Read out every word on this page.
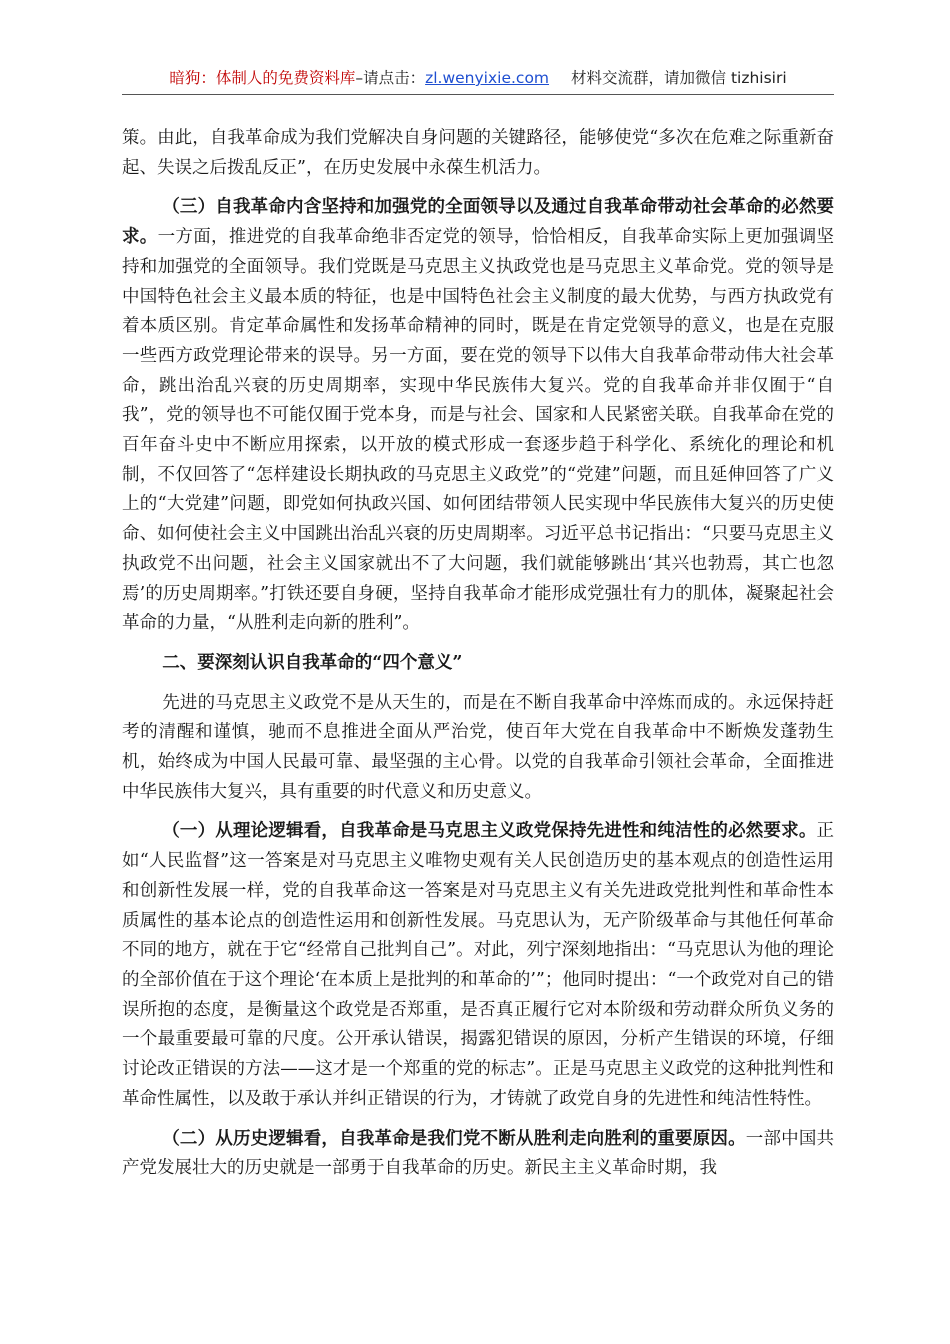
暗狗：体制人的免费资料库–请点击：zl.wenyixie.com 材料交流群，请加微信 tizhisiri

策。由此，自我革命成为我们党解决自身问题的关键路径，能够使党“多次在危难之际重新奋起、失误之后拨乱反正”，在历史发展中永葆生机活力。

（三）自我革命内含坚持和加强党的全面领导以及通过自我革命带动社会革命的必然要求。一方面，推进党的自我革命绝非否定党的领导，恰恰相反，自我革命实际上更加强调坚持和加强党的全面领导。我们党既是马克思主义执政党也是马克思主义革命党。党的领导是中国特色社会主义最本质的特征，也是中国特色社会主义制度的最大优势，与西方执政党有着本质区别。肯定革命属性和发扬革命精神的同时，既是在肯定党领导的意义，也是在克服一些西方政党理论带来的误导。另一方面，要在党的领导下以伟大自我革命带动伟大社会革命，跳出治乱兴衰的历史周期率，实现中华民族伟大复兴。党的自我革命并非仅囿于“自我”，党的领导也不可能仅囿于党本身，而是与社会、国家和人民紧密关联。自我革命在党的百年奋斗史中不断应用探索，以开放的模式形成一套逐步趋于科学化、系统化的理论和机制，不仅回答了“怎样建设长期执政的马克思主义政党”的“党建”问题，而且延伸回答了广义上的“大党建”问题，即党如何执政兴国、如何团结带领人民实现中华民族伟大复兴的历史使命、如何使社会主义中国跳出治乱兴衰的历史周期率。习近平总书记指出：“只要马克思主义执政党不出问题，社会主义国家就出不了大问题，我们就能够跳出‘其兴也勃焉，其亡也忽焉’的历史周期率。”打铁还要自身硬，坚持自我革命才能形成党强壮有力的肌体，凝聚起社会革命的力量，“从胜利走向新的胜利”。

二、要深刻认识自我革命的“四个意义”

先进的马克思主义政党不是从天生的，而是在不断自我革命中淬炼而成的。永远保持赶考的清醒和谨慎，驰而不息推进全面从严治党，使百年大党在自我革命中不断焕发蓬勃生机，始终成为中国人民最可靠、最坚强的主心骨。以党的自我革命引领社会革命，全面推进中华民族伟大复兴，具有重要的时代意义和历史意义。

（一）从理论逻辑看，自我革命是马克思主义政党保持先进性和纯洁性的必然要求。正如“人民监督”这一答案是对马克思主义唯物史观有关人民创造历史的基本观点的创造性运用和创新性发展一样，党的自我革命这一答案是对马克思主义有关先进政党批判性和革命性本质属性的基本论点的创造性运用和创新性发展。马克思认为，无产阶级革命与其他任何革命不同的地方，就在于它“经常自己批判自己”。对此，列宁深刻地指出：“马克思认为他的理论的全部价值在于这个理论‘在本质上是批判的和革命的’”；他同时提出：“一个政党对自己的错误所抱的态度，是衡量这个政党是否郑重，是否真正履行它对本阶级和劳动群众所负义务的一个最重要最可靠的尺度。公开承认错误，揭露犯错误的原因，分析产生错误的环境，仔细讨论改正错误的方法——这才是一个郑重的党的标志”。正是马克思主义政党的这种批判性和革命性属性，以及敢于承认并纠正错误的行为，才铸就了政党自身的先进性和纯洁性特性。

（二）从历史逻辑看，自我革命是我们党不断从胜利走向胜利的重要原因。一部中国共产党发展壮大的历史就是一部勇于自我革命的历史。新民主主义革命时期，我
